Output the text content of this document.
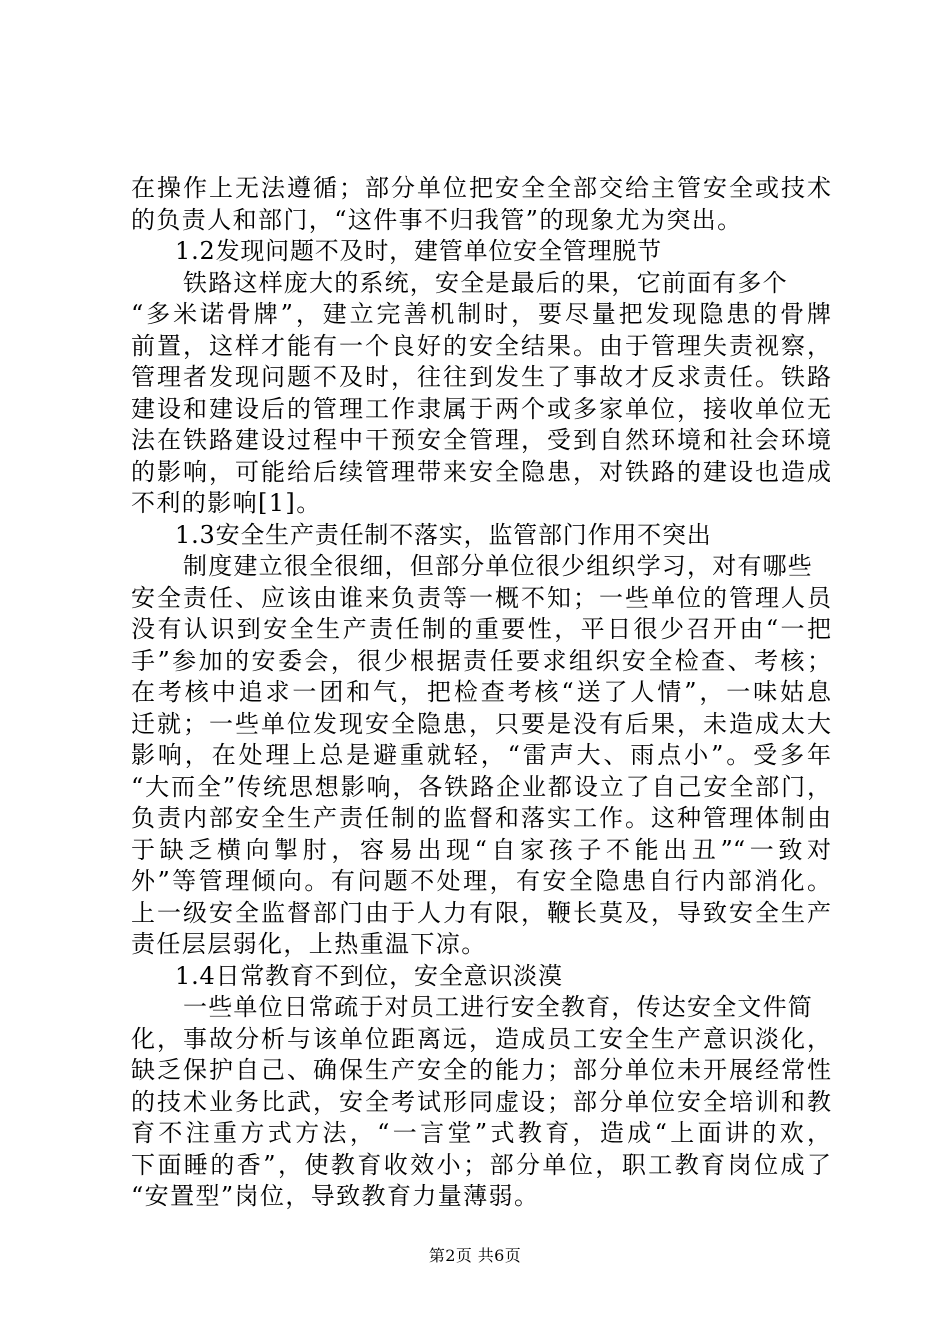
在操作上无法遵循；部分单位把安全全部交给主管安全或技术
的负责人和部门，“这件事不归我管”的现象尤为突出。
1.2发现问题不及时，建管单位安全管理脱节
铁路这样庞大的系统，安全是最后的果，它前面有多个
“多米诺骨牌”，建立完善机制时，要尽量把发现隐患的骨牌
前置，这样才能有一个良好的安全结果。由于管理失责视察，
管理者发现问题不及时，往往到发生了事故才反求责任。铁路
建设和建设后的管理工作隶属于两个或多家单位，接收单位无
法在铁路建设过程中干预安全管理，受到自然环境和社会环境
的影响，可能给后续管理带来安全隐患，对铁路的建设也造成
不利的影响[1]。
1.3安全生产责任制不落实，监管部门作用不突出
制度建立很全很细，但部分单位很少组织学习，对有哪些
安全责任、应该由谁来负责等一概不知；一些单位的管理人员
没有认识到安全生产责任制的重要性，平日很少召开由“一把
手”参加的安委会，很少根据责任要求组织安全检查、考核；
在考核中追求一团和气，把检查考核“送了人情”，一味姑息
迁就；一些单位发现安全隐患，只要是没有后果，未造成太大
影响，在处理上总是避重就轻，“雷声大、雨点小”。受多年
“大而全”传统思想影响，各铁路企业都设立了自己安全部门，
负责内部安全生产责任制的监督和落实工作。这种管理体制由
于缺乏横向掣肘，容易出现“自家孩子不能出丑”“一致对
外”等管理倾向。有问题不处理，有安全隐患自行内部消化。
上一级安全监督部门由于人力有限，鞭长莫及，导致安全生产
责任层层弱化，上热重温下凉。
1.4日常教育不到位，安全意识淡漠
一些单位日常疏于对员工进行安全教育，传达安全文件简
化，事故分析与该单位距离远，造成员工安全生产意识淡化，
缺乏保护自己、确保生产安全的能力；部分单位未开展经常性
的技术业务比武，安全考试形同虚设；部分单位安全培训和教
育不注重方式方法，“一言堂”式教育，造成“上面讲的欢，
下面睡的香”，使教育收效小；部分单位，职工教育岗位成了
“安置型”岗位，导致教育力量薄弱。
第2页 共6页
